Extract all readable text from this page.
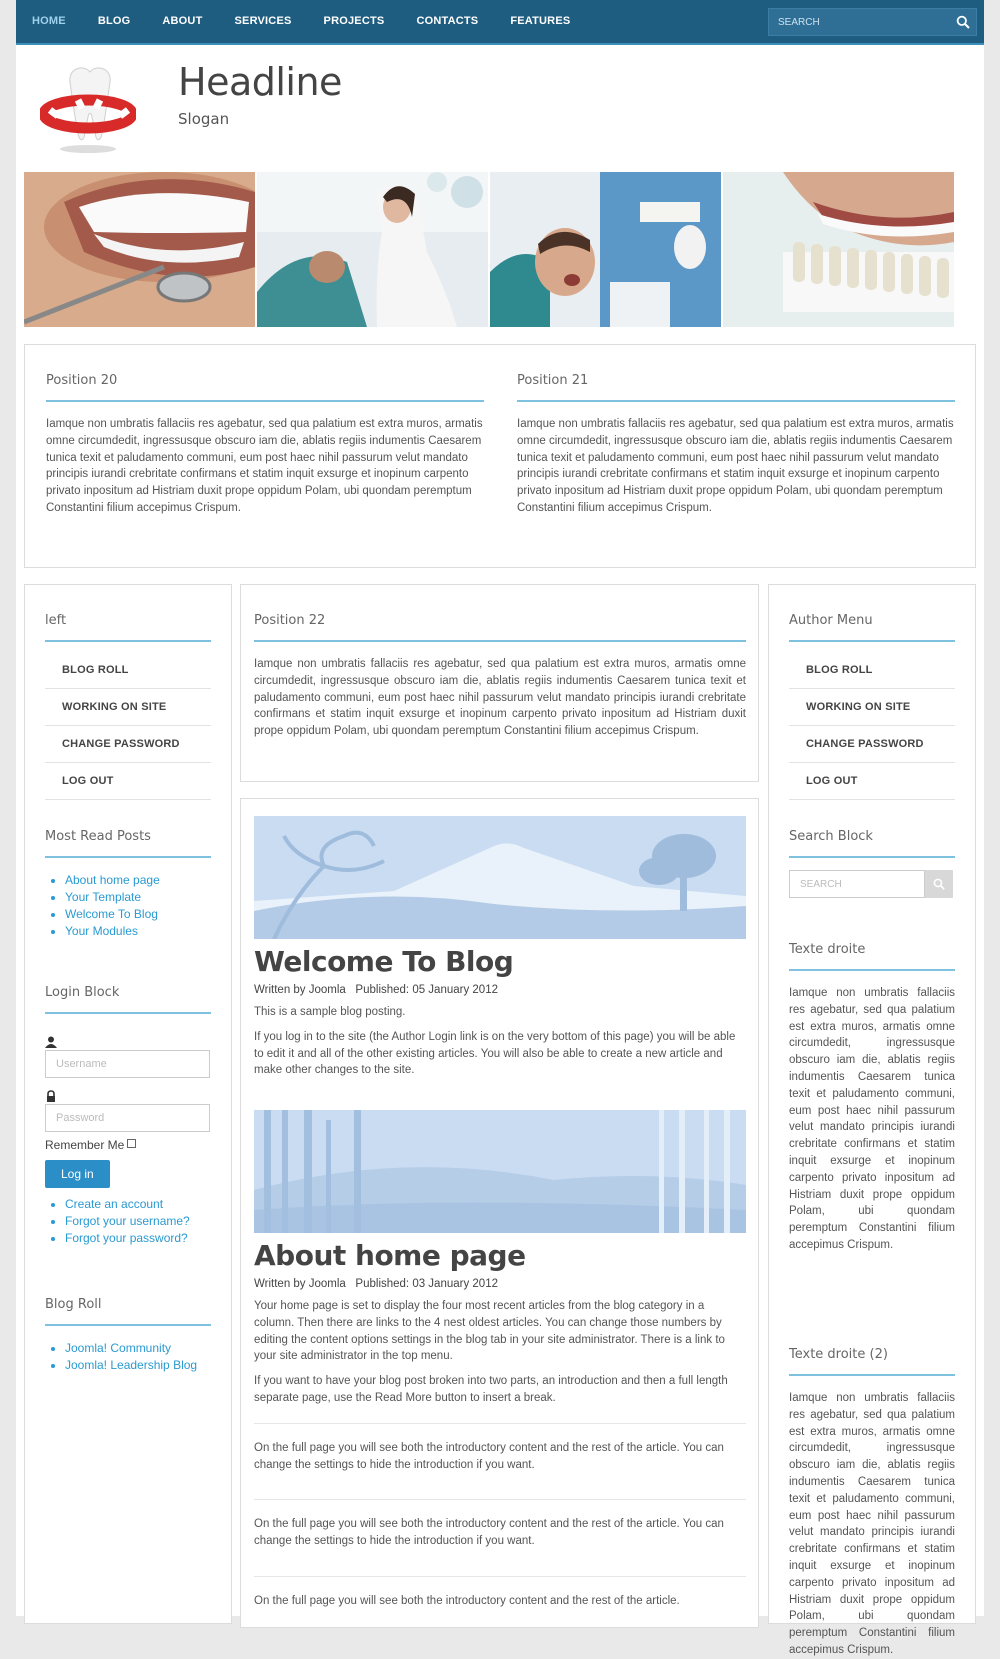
HOME	BLOG	ABOUT	SERVICES	PROJECTS	CONTACTS	FEATURES
SEARCH
Headline
Slogan
Position 20

Iamque non umbratis fallaciis res agebatur, sed qua palatium est extra muros, armatis omne circumdedit, ingressusque obscuro iam die, ablatis regiis indumentis Caesarem tunica texit et paludamento communi, eum post haec nihil passurum velut mandato principis iurandi crebritate confirmans et statim inquit exsurge et inopinum carpento privato inpositum ad Histriam duxit prope oppidum Polam, ubi quondam peremptum Constantini filium accepimus Crispum.

Position 21

Iamque non umbratis fallaciis res agebatur, sed qua palatium est extra muros, armatis omne circumdedit, ingressusque obscuro iam die, ablatis regiis indumentis Caesarem tunica texit et paludamento communi, eum post haec nihil passurum velut mandato principis iurandi crebritate confirmans et statim inquit exsurge et inopinum carpento privato inpositum ad Histriam duxit prope oppidum Polam, ubi quondam peremptum Constantini filium accepimus Crispum.

left
BLOG ROLL
WORKING ON SITE
CHANGE PASSWORD
LOG OUT
Most Read Posts
• About home page
• Your Template
• Welcome To Blog
• Your Modules
Login Block
Username
Remember Me
Log in
• Create an account
• Forgot your username?
• Forgot your password?
Blog Roll
• Joomla! Community
• Joomla! Leadership Blog
Position 22

Iamque non umbratis fallaciis res agebatur, sed qua palatium est extra muros, armatis omne circumdedit, ingressusque obscuro iam die, ablatis regiis indumentis Caesarem tunica texit et paludamento communi, eum post haec nihil passurum velut mandato principis iurandi crebritate confirmans et statim inquit exsurge et inopinum carpento privato inpositum ad Histriam duxit prope oppidum Polam, ubi quondam peremptum Constantini filium accepimus Crispum.

Welcome To Blog
Written by Joomla Published: 05 January 2012

This is a sample blog posting.

If you log in to the site (the Author Login link is on the very bottom of this page) you will be able to edit it and all of the other existing articles. You will also be able to create a new article and make other changes to the site.

About home page
Written by Joomla Published: 03 January 2012

Your home page is set to display the four most recent articles from the blog category in a column. Then there are links to the 4 nest oldest articles. You can change those numbers by editing the content options settings in the blog tab in your site administrator. There is a link to your site administrator in the top menu.

If you want to have your blog post broken into two parts, an introduction and then a full length separate page, use the Read More button to insert a break.

On the full page you will see both the introductory content and the rest of the article. You can change the settings to hide the introduction if you want.

On the full page you will see both the introductory content and the rest of the article. You can change the settings to hide the introduction if you want.

On the full page you will see both the introductory content and the rest of the article.

Author Menu
BLOG ROLL
WORKING ON SITE
CHANGE PASSWORD
LOG OUT
Search Block
SEARCH
Texte droite

Iamque non umbratis fallaciis res agebatur, sed qua palatium est extra muros, armatis omne circumdedit, ingressusque obscuro iam die, ablatis regiis indumentis Caesarem tunica texit et paludamento communi, eum post haec nihil passurum velut mandato principis iurandi crebritate confirmans et statim inquit exsurge et inopinum carpento privato inpositum ad Histriam duxit prope oppidum Polam, ubi quondam peremptum Constantini filium accepimus Crispum.

Texte droite (2)

Iamque non umbratis fallaciis res agebatur, sed qua palatium est extra muros, armatis omne circumdedit, ingressusque obscuro iam die, ablatis regiis indumentis Caesarem tunica texit et paludamento communi, eum post haec nihil passurum velut mandato principis iurandi crebritate confirmans et statim inquit exsurge et inopinum carpento privato inpositum ad Histriam duxit prope oppidum Polam, ubi quondam peremptum Constantini filium accepimus Crispum.
